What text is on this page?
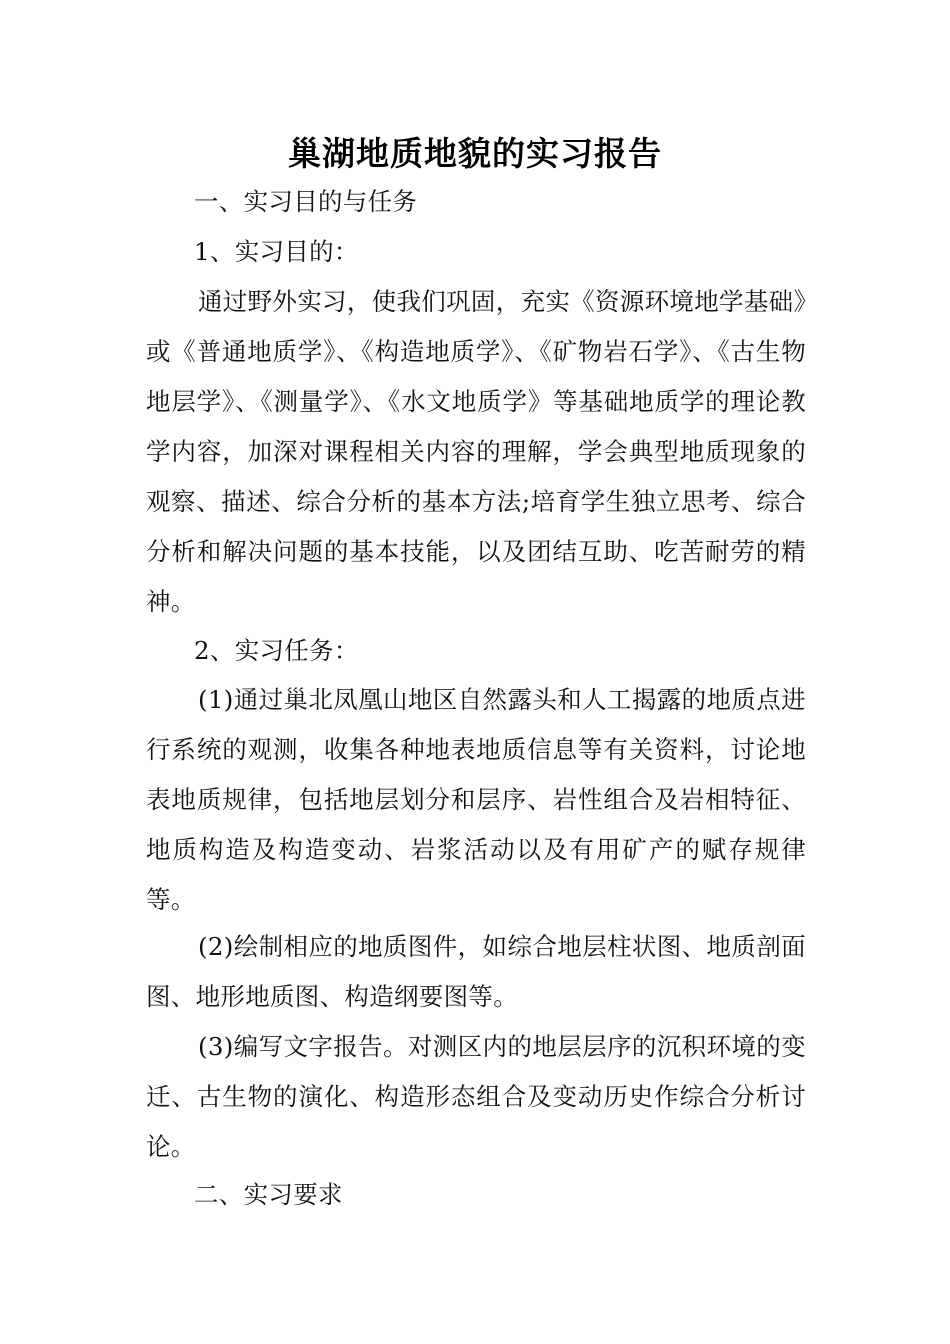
巢湖地质地貌的实习报告

一、实习目的与任务

1、实习目的：

通过野外实习，使我们巩固，充实《资源环境地学基础》或《普通地质学》、《构造地质学》、《矿物岩石学》、《古生物地层学》、《测量学》、《水文地质学》等基础地质学的理论教学内容，加深对课程相关内容的理解，学会典型地质现象的观察、描述、综合分析的基本方法;培育学生独立思考、综合分析和解决问题的基本技能，以及团结互助、吃苦耐劳的精神。

2、实习任务：

(1)通过巢北凤凰山地区自然露头和人工揭露的地质点进行系统的观测，收集各种地表地质信息等有关资料，讨论地表地质规律，包括地层划分和层序、岩性组合及岩相特征、地质构造及构造变动、岩浆活动以及有用矿产的赋存规律等。

(2)绘制相应的地质图件，如综合地层柱状图、地质剖面图、地形地质图、构造纲要图等。

(3)编写文字报告。对测区内的地层层序的沉积环境的变迁、古生物的演化、构造形态组合及变动历史作综合分析讨论。

二、实习要求
